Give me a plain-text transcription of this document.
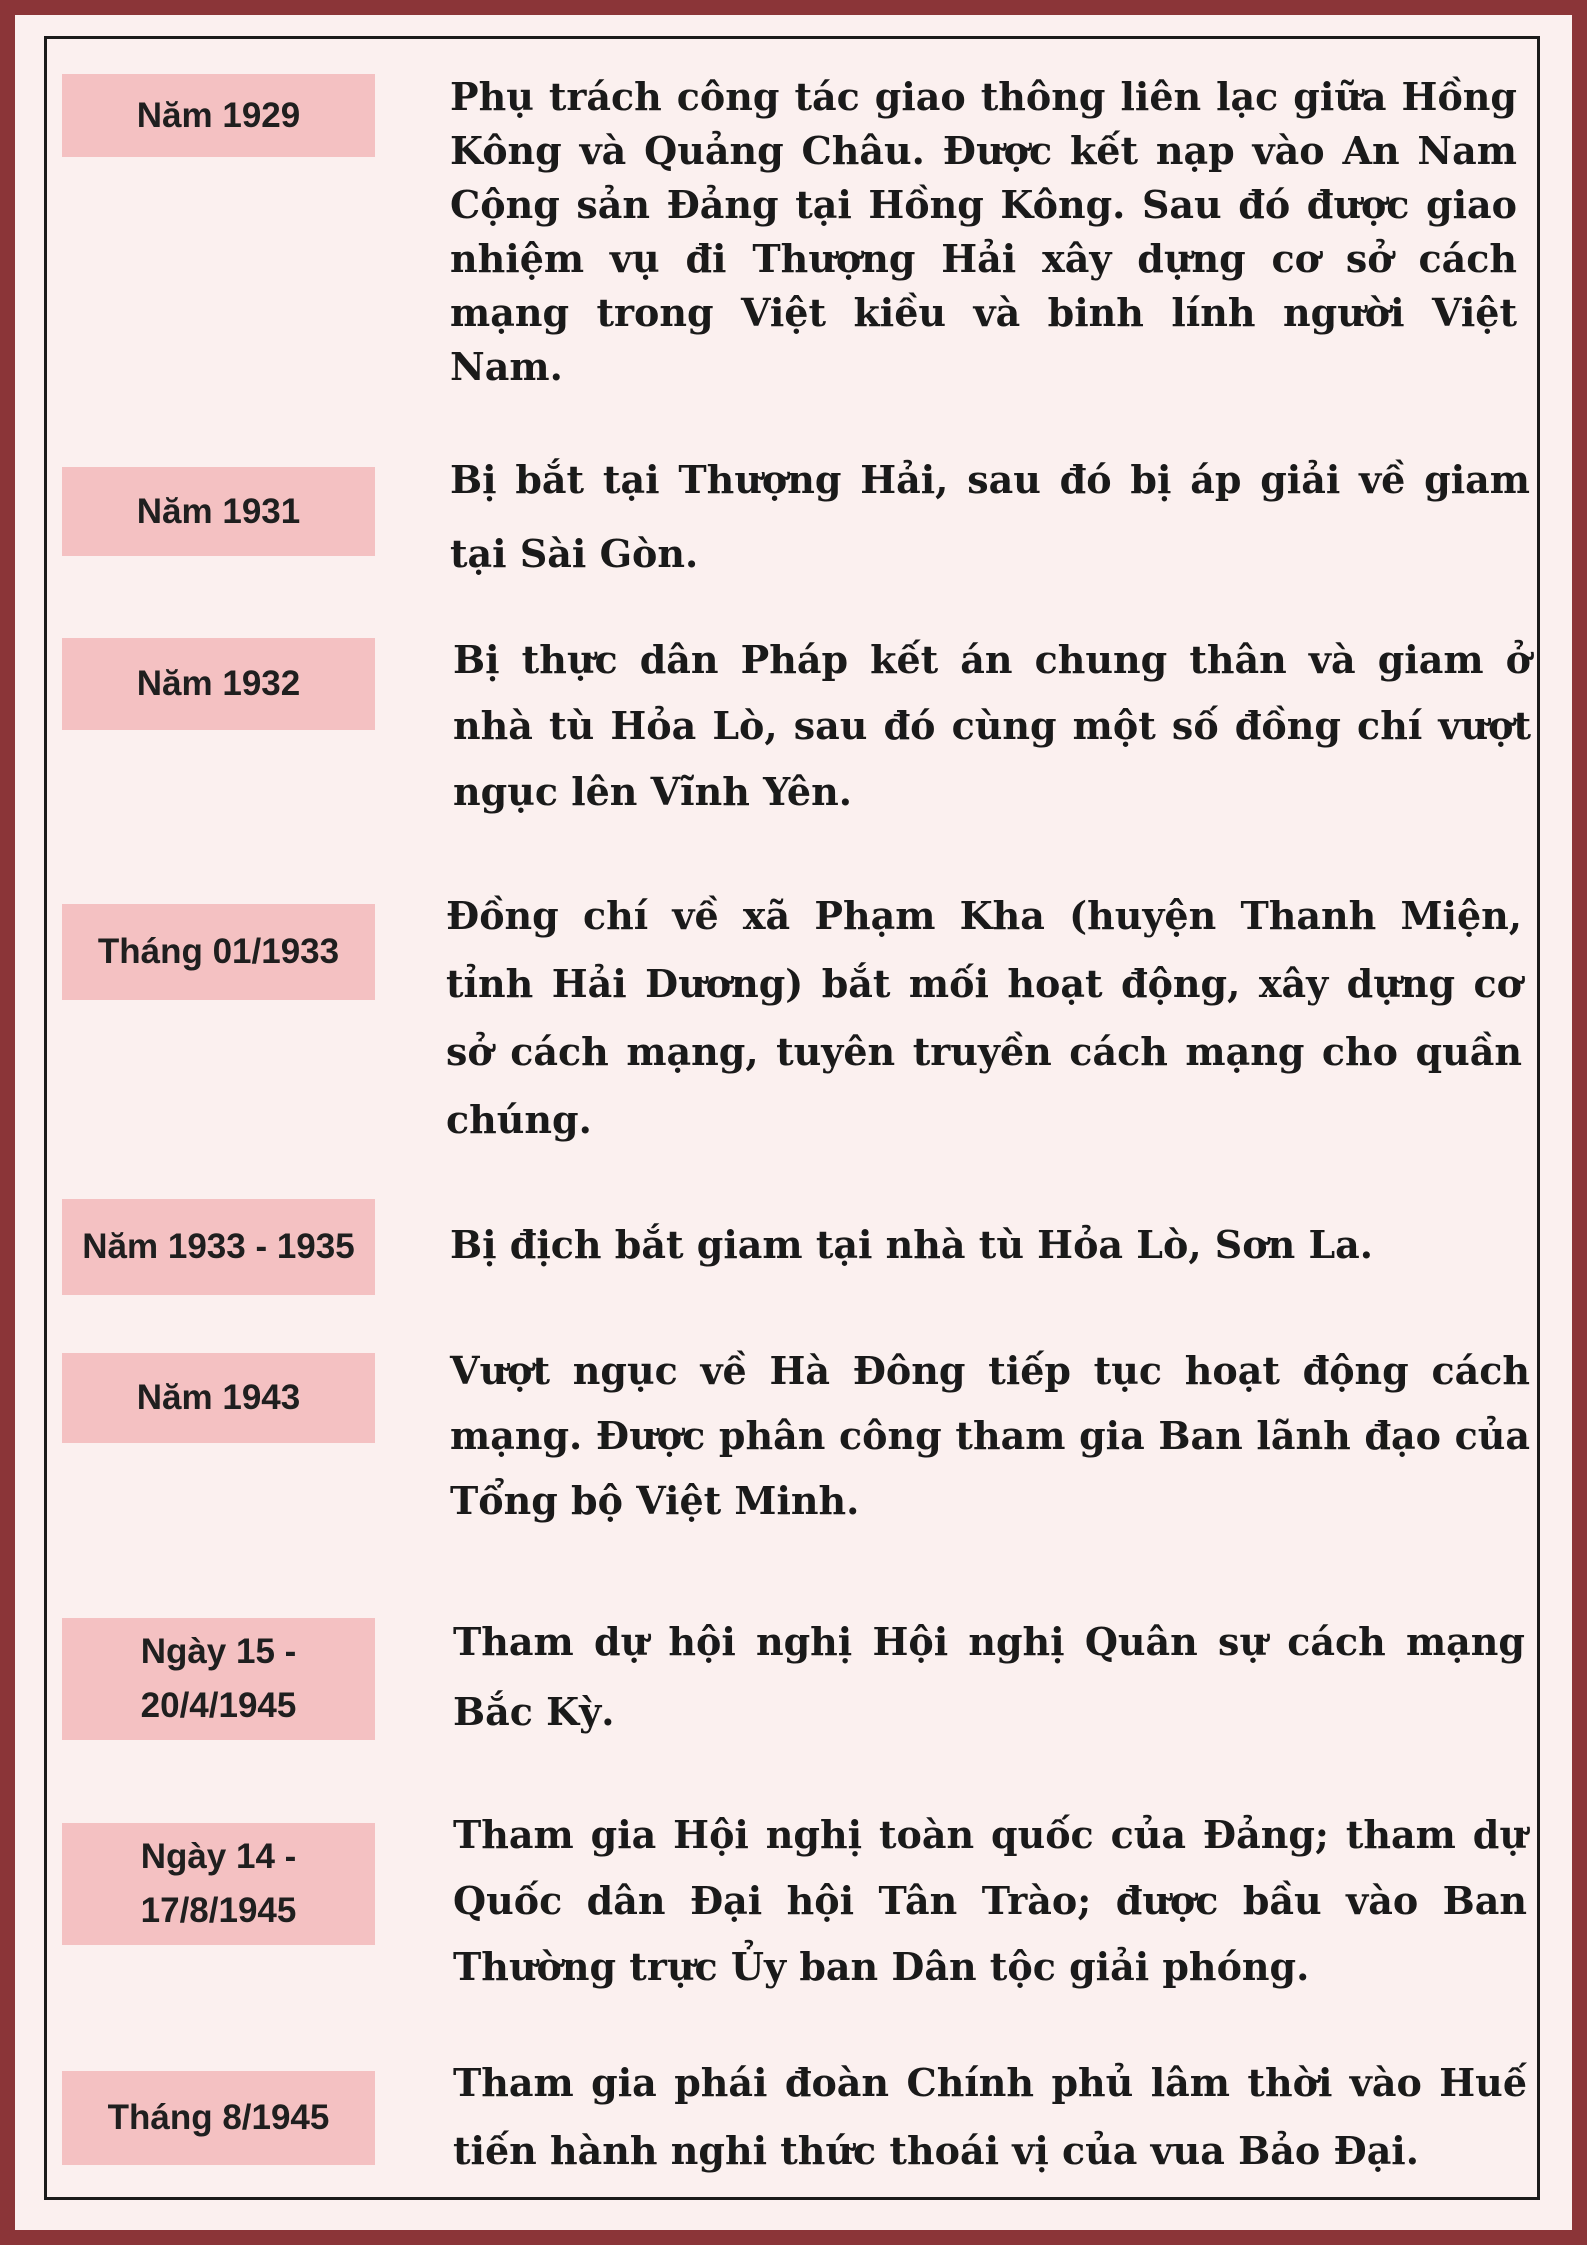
Năm 1929	Phụ trách công tác giao thông liên lạc giữa Hồng Kông và Quảng Châu. Được kết nạp vào An Nam Cộng sản Đảng tại Hồng Kông. Sau đó được giao nhiệm vụ đi Thượng Hải xây dựng cơ sở cách mạng trong Việt kiều và binh lính người Việt Nam.

Năm 1931

Bị bắt tại Thượng Hải, sau đó bị áp giải về giam tại Sài Gòn.

Năm 1932

Bị thực dân Pháp kết án chung thân và giam ở nhà tù Hỏa Lò, sau đó cùng một số đồng chí vượt ngục lên Vĩnh Yên.

Tháng 01/1933

Đồng chí về xã Phạm Kha (huyện Thanh Miện, tỉnh Hải Dương) bắt mối hoạt động, xây dựng cơ sở cách mạng, tuyên truyền cách mạng cho quần chúng.

Năm 1933 - 1935	Bị địch bắt giam tại nhà tù Hỏa Lò, Sơn La.

Năm 1943

Vượt ngục về Hà Đông tiếp tục hoạt động cách mạng. Được phân công tham gia Ban lãnh đạo của Tổng bộ Việt Minh.

Ngày 15 -
20/4/1945

Tham dự hội nghị Hội nghị Quân sự cách mạng Bắc Kỳ.

Ngày 14 -
17/8/1945

Tham gia Hội nghị toàn quốc của Đảng; tham dự Quốc dân Đại hội Tân Trào; được bầu vào Ban Thường trực Ủy ban Dân tộc giải phóng.

Tháng 8/1945

Tham gia phái đoàn Chính phủ lâm thời vào Huế tiến hành nghi thức thoái vị của vua Bảo Đại.
